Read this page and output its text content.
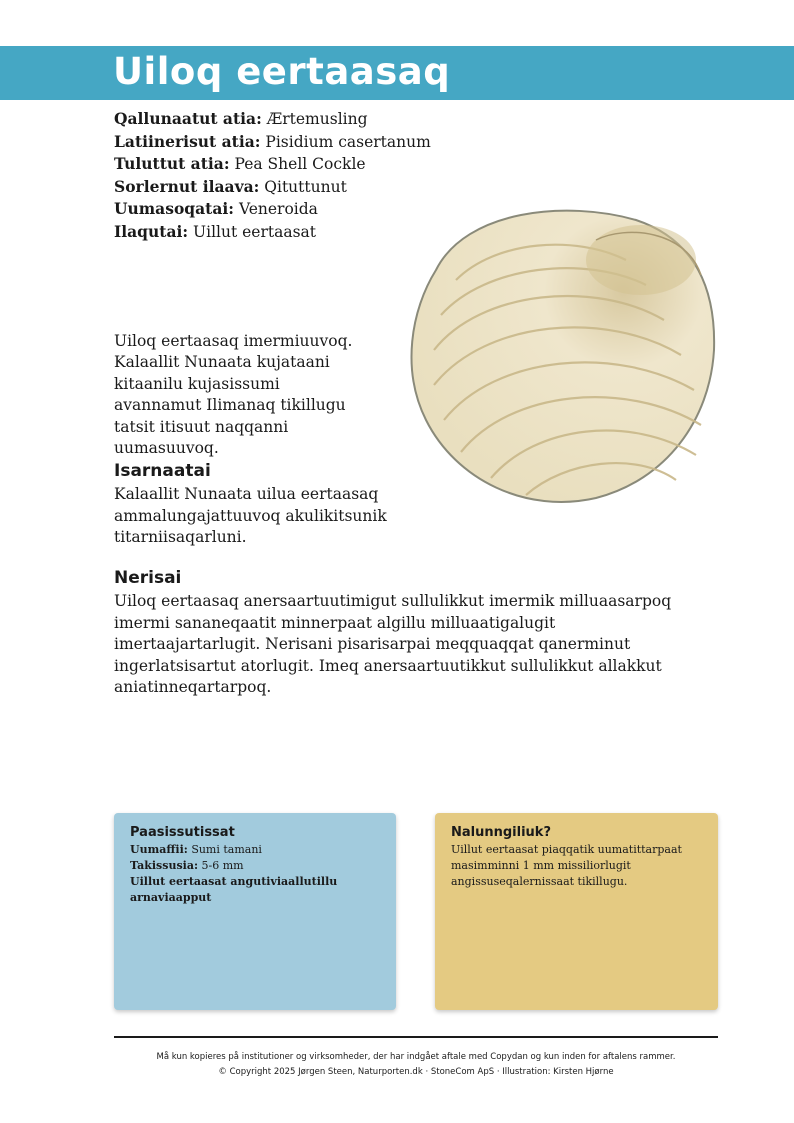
Uiloq eertaasaq
Qallunaatut atia: Ærtemusling
Latiinerisut atia: Pisidium casertanum
Tuluttut atia: Pea Shell Cockle
Sorlernut ilaava: Qituttunut
Uumasoqatai: Veneroida
Ilaqutai: Uillut eertaasat

Uiloq eertaasaq imermiuuvoq. Kalaallit Nunaata kujataani kitaanilu kujasissumi avannamut Ilimanaq tikillugu tatsit itisuut naqqanni uumasuuvoq.

Isarnaatai

Kalaallit Nunaata uilua eertaasaq ammalungajattuuvoq akulikitsunik titarniisaqarluni.

Nerisai

Uiloq eertaasaq anersaartuutimigut sullulikkut imermik milluaasarpoq imermi sananeqaatit minnerpaat algillu milluaatigalugit imertaajartarlugit. Nerisani pisarisarpai meqquaqqat qanerminut ingerlatsisartut atorlugit. Imeq anersaartuutikkut sullulikkut allakkut aniatinneqartarpoq.

Paasissutissat
Uumaffii: Sumi tamani
Takissusia: 5-6 mm
Uillut eertaasat angutiviaallutillu arnaviaapput
Nalunngiliuk?
Uillut eertaasat piaqqatik uumatittarpaat masimminni 1 mm missiliorlugit angissuseqalernissaat tikillugu.
Må kun kopieres på institutioner og virksomheder, der har indgået aftale med Copydan og kun inden for aftalens rammer.
© Copyright 2025 Jørgen Steen, Naturporten.dk · StoneCom ApS · Illustration: Kirsten Hjørne
